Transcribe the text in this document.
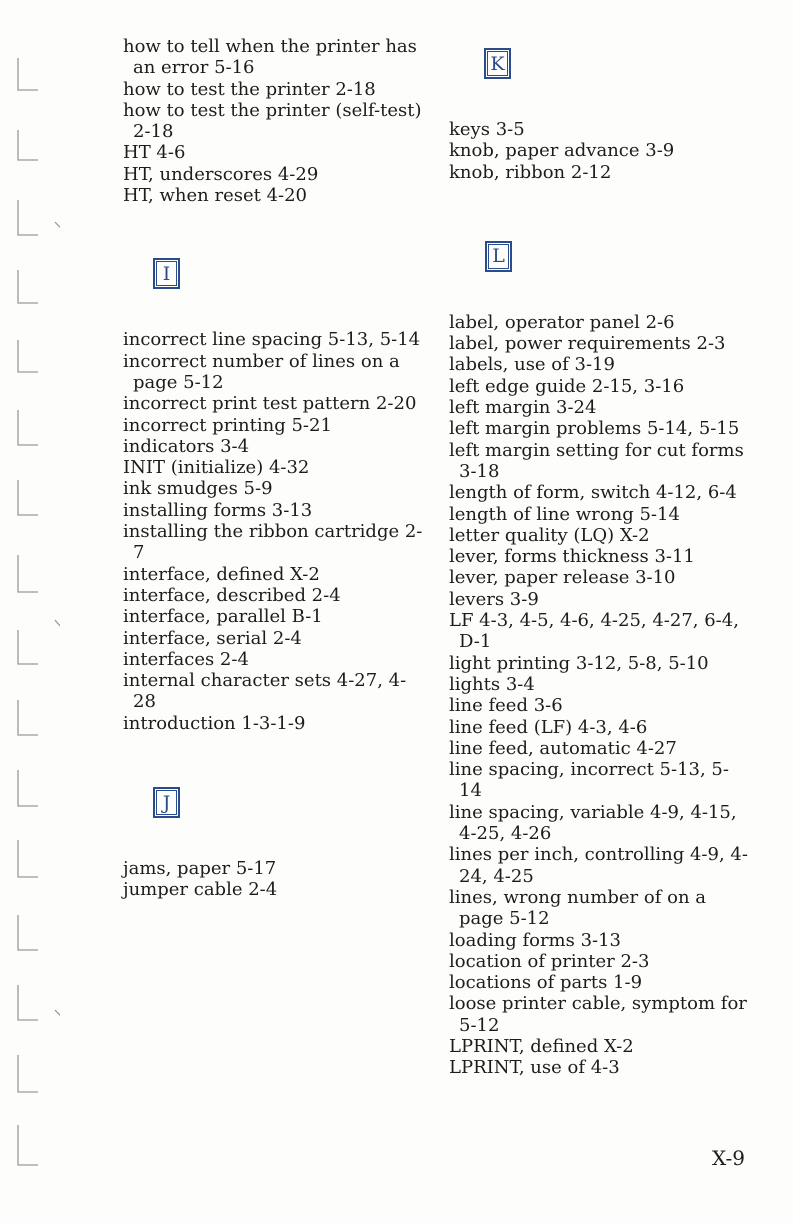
how to tell when the printer has an error 5-16
how to test the printer 2-18
how to test the printer (self-test) 2-18
HT 4-6
HT, underscores 4-29
HT, when reset 4-20
I
incorrect line spacing 5-13, 5-14
incorrect number of lines on a page 5-12
incorrect print test pattern 2-20
incorrect printing 5-21
indicators 3-4
INIT (initialize) 4-32
ink smudges 5-9
installing forms 3-13
installing the ribbon cartridge 2-7
interface, defined X-2
interface, described 2-4
interface, parallel B-1
interface, serial 2-4
interfaces 2-4
internal character sets 4-27, 4-28
introduction 1-3-1-9
J
jams, paper 5-17
jumper cable 2-4
K
keys 3-5
knob, paper advance 3-9
knob, ribbon 2-12
L
label, operator panel 2-6
label, power requirements 2-3
labels, use of 3-19
left edge guide 2-15, 3-16
left margin 3-24
left margin problems 5-14, 5-15
left margin setting for cut forms 3-18
length of form, switch 4-12, 6-4
length of line wrong 5-14
letter quality (LQ) X-2
lever, forms thickness 3-11
lever, paper release 3-10
levers 3-9
LF 4-3, 4-5, 4-6, 4-25, 4-27, 6-4, D-1
light printing 3-12, 5-8, 5-10
lights 3-4
line feed 3-6
line feed (LF) 4-3, 4-6
line feed, automatic 4-27
line spacing, incorrect 5-13, 5-14
line spacing, variable 4-9, 4-15, 4-25, 4-26
lines per inch, controlling 4-9, 4-24, 4-25
lines, wrong number of on a page 5-12
loading forms 3-13
location of printer 2-3
locations of parts 1-9
loose printer cable, symptom for 5-12
LPRINT, defined X-2
LPRINT, use of 4-3
X-9
